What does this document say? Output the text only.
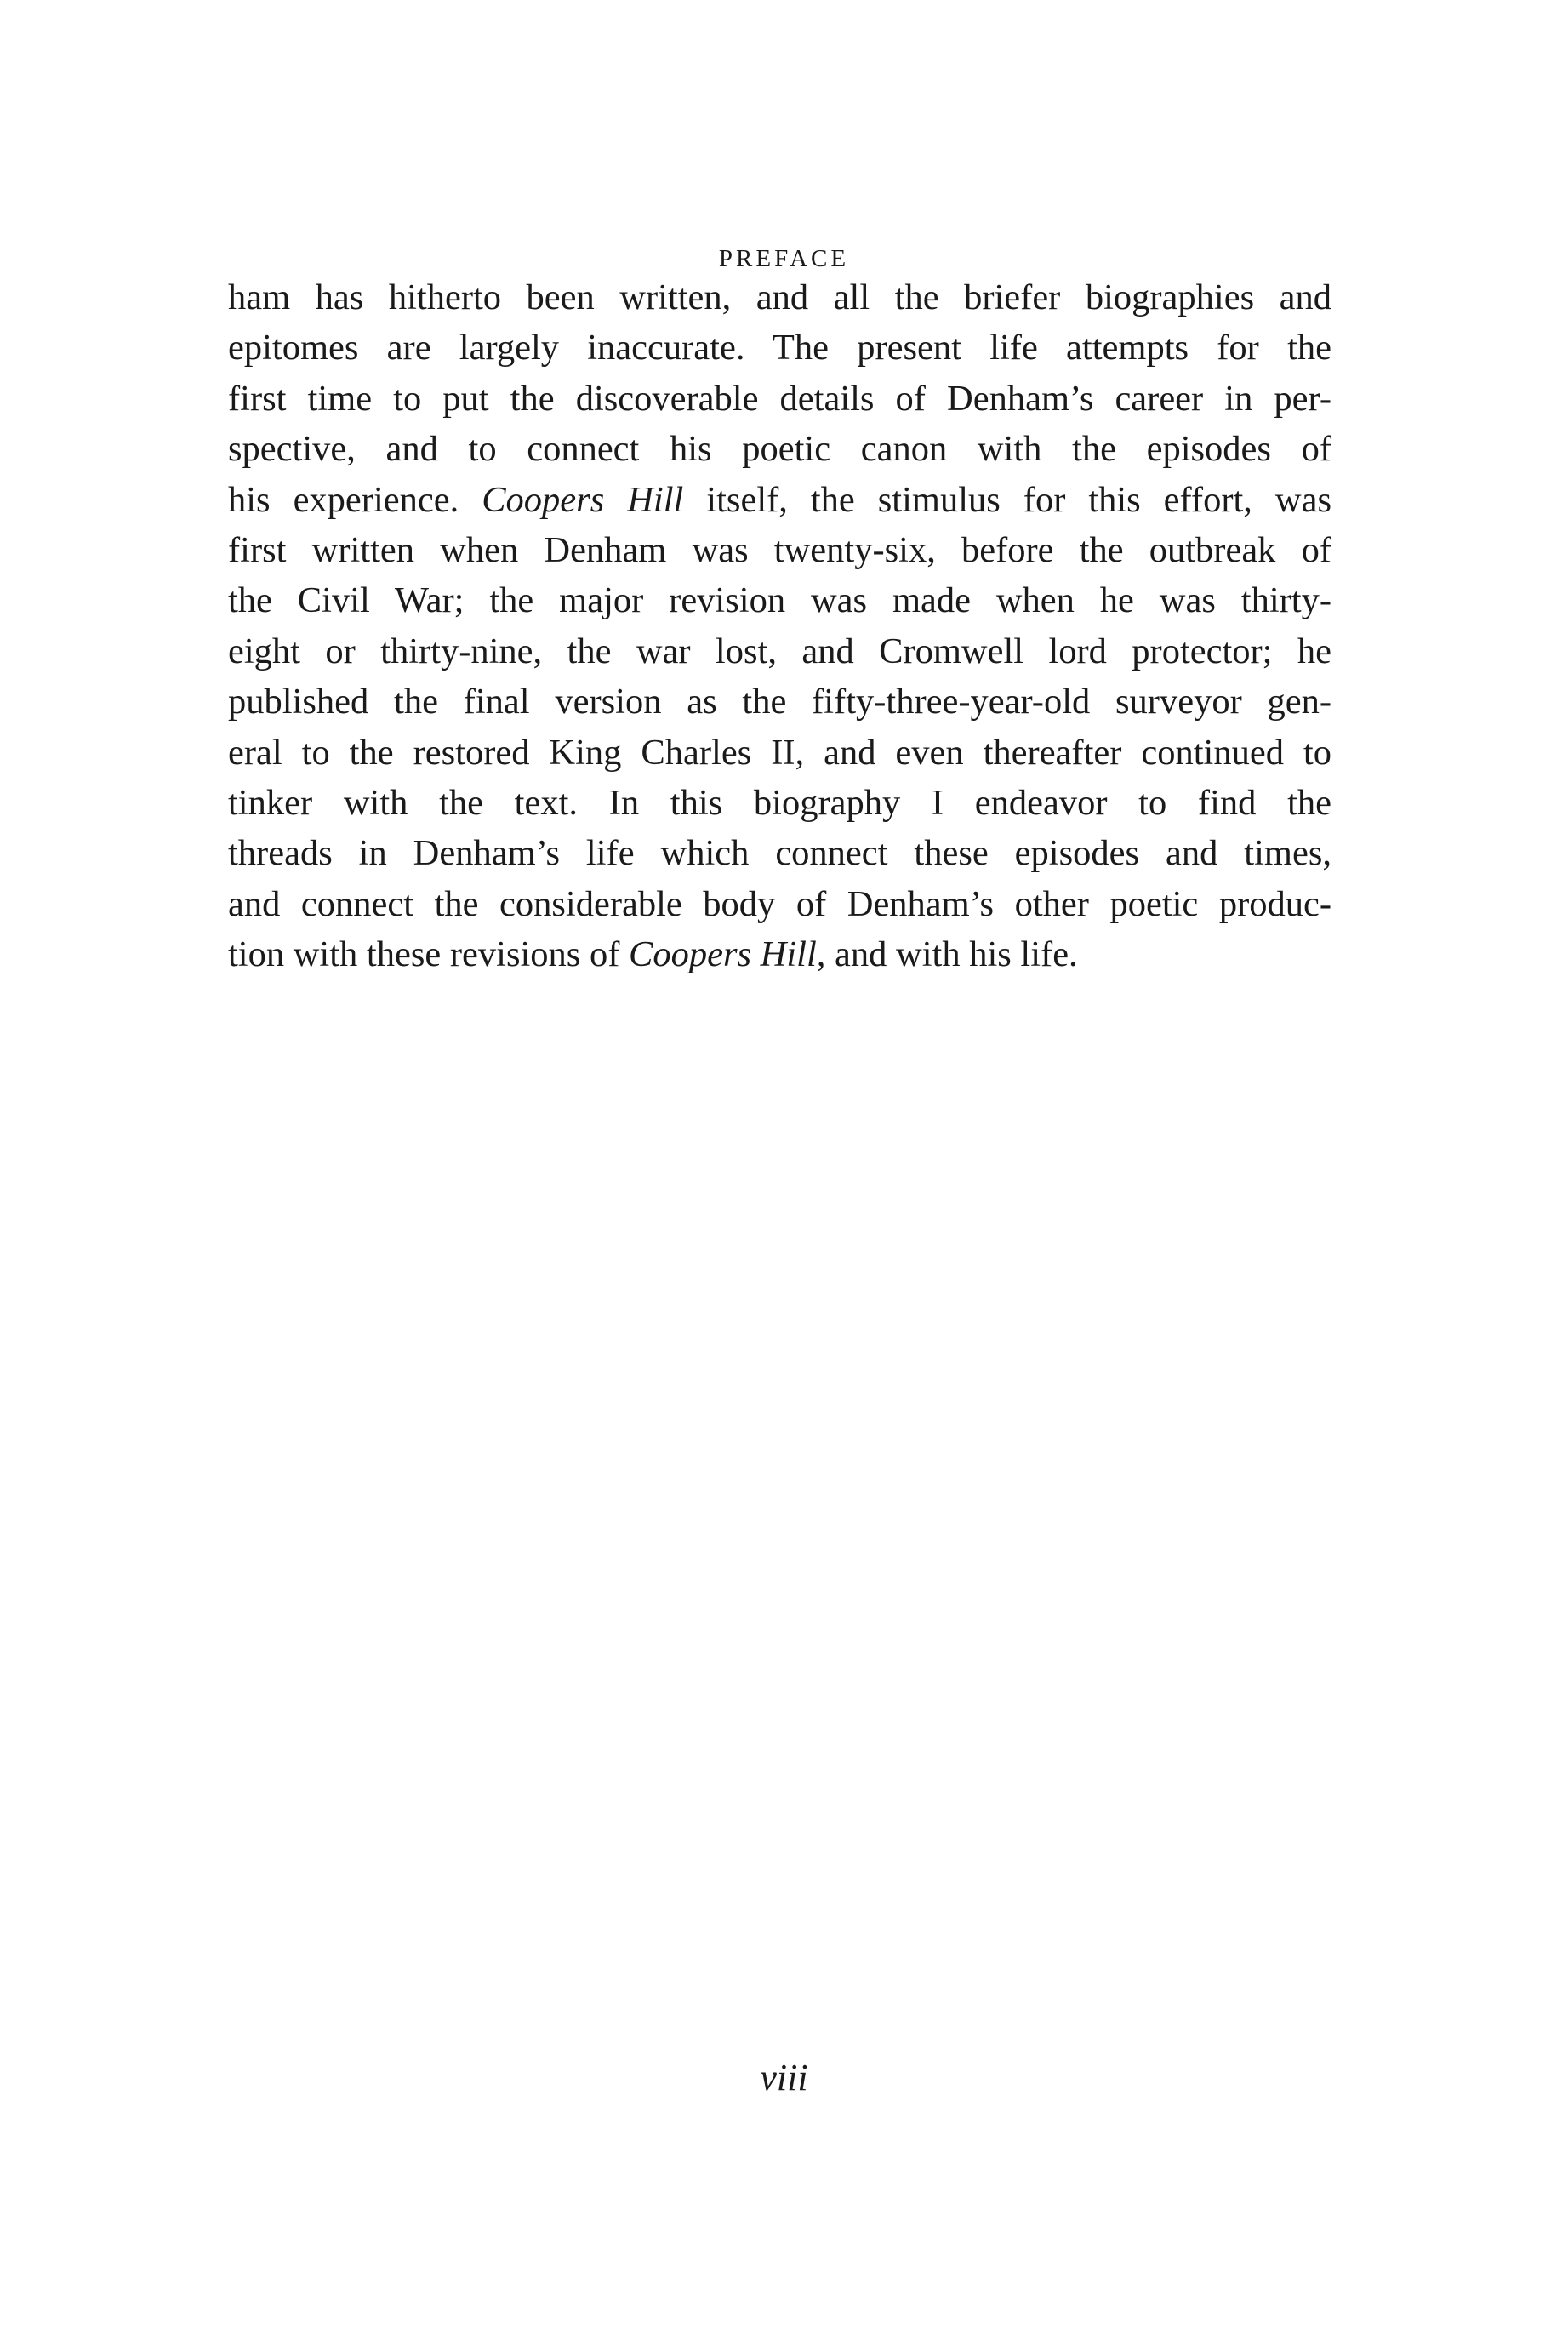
PREFACE
ham has hitherto been written, and all the briefer biographies and
epitomes are largely inaccurate. The present life attempts for the
first time to put the discoverable details of Denham’s career in per-
spective, and to connect his poetic canon with the episodes of
his experience. Coopers Hill itself, the stimulus for this effort, was
first written when Denham was twenty-six, before the outbreak of
the Civil War; the major revision was made when he was thirty-
eight or thirty-nine, the war lost, and Cromwell lord protector; he
published the final version as the fifty-three-year-old surveyor gen-
eral to the restored King Charles II, and even thereafter continued to
tinker with the text. In this biography I endeavor to find the
threads in Denham’s life which connect these episodes and times,
and connect the considerable body of Denham’s other poetic produc-
tion with these revisions of Coopers Hill, and with his life.
viii
